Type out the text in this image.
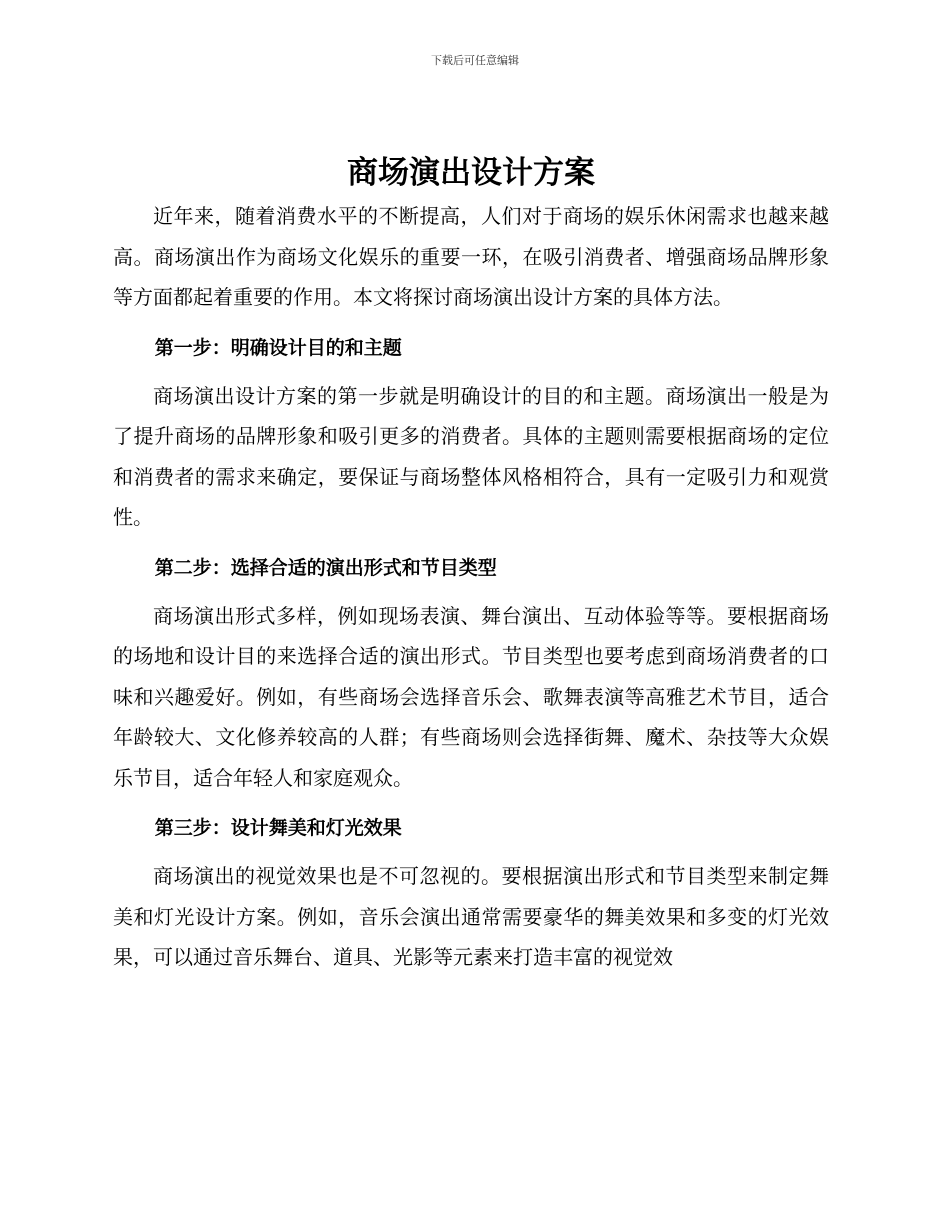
下载后可任意编辑
商场演出设计方案

近年来，随着消费水平的不断提高，人们对于商场的娱乐休闲需求也越来越高。商场演出作为商场文化娱乐的重要一环，在吸引消费者、增强商场品牌形象等方面都起着重要的作用。本文将探讨商场演出设计方案的具体方法。

第一步：明确设计目的和主题

商场演出设计方案的第一步就是明确设计的目的和主题。商场演出一般是为了提升商场的品牌形象和吸引更多的消费者。具体的主题则需要根据商场的定位和消费者的需求来确定，要保证与商场整体风格相符合，具有一定吸引力和观赏性。

第二步：选择合适的演出形式和节目类型

商场演出形式多样，例如现场表演、舞台演出、互动体验等等。要根据商场的场地和设计目的来选择合适的演出形式。节目类型也要考虑到商场消费者的口味和兴趣爱好。例如，有些商场会选择音乐会、歌舞表演等高雅艺术节目，适合年龄较大、文化修养较高的人群；有些商场则会选择街舞、魔术、杂技等大众娱乐节目，适合年轻人和家庭观众。

第三步：设计舞美和灯光效果

商场演出的视觉效果也是不可忽视的。要根据演出形式和节目类型来制定舞美和灯光设计方案。例如，音乐会演出通常需要豪华的舞美效果和多变的灯光效果，可以通过音乐舞台、道具、光影等元素来打造丰富的视觉效
